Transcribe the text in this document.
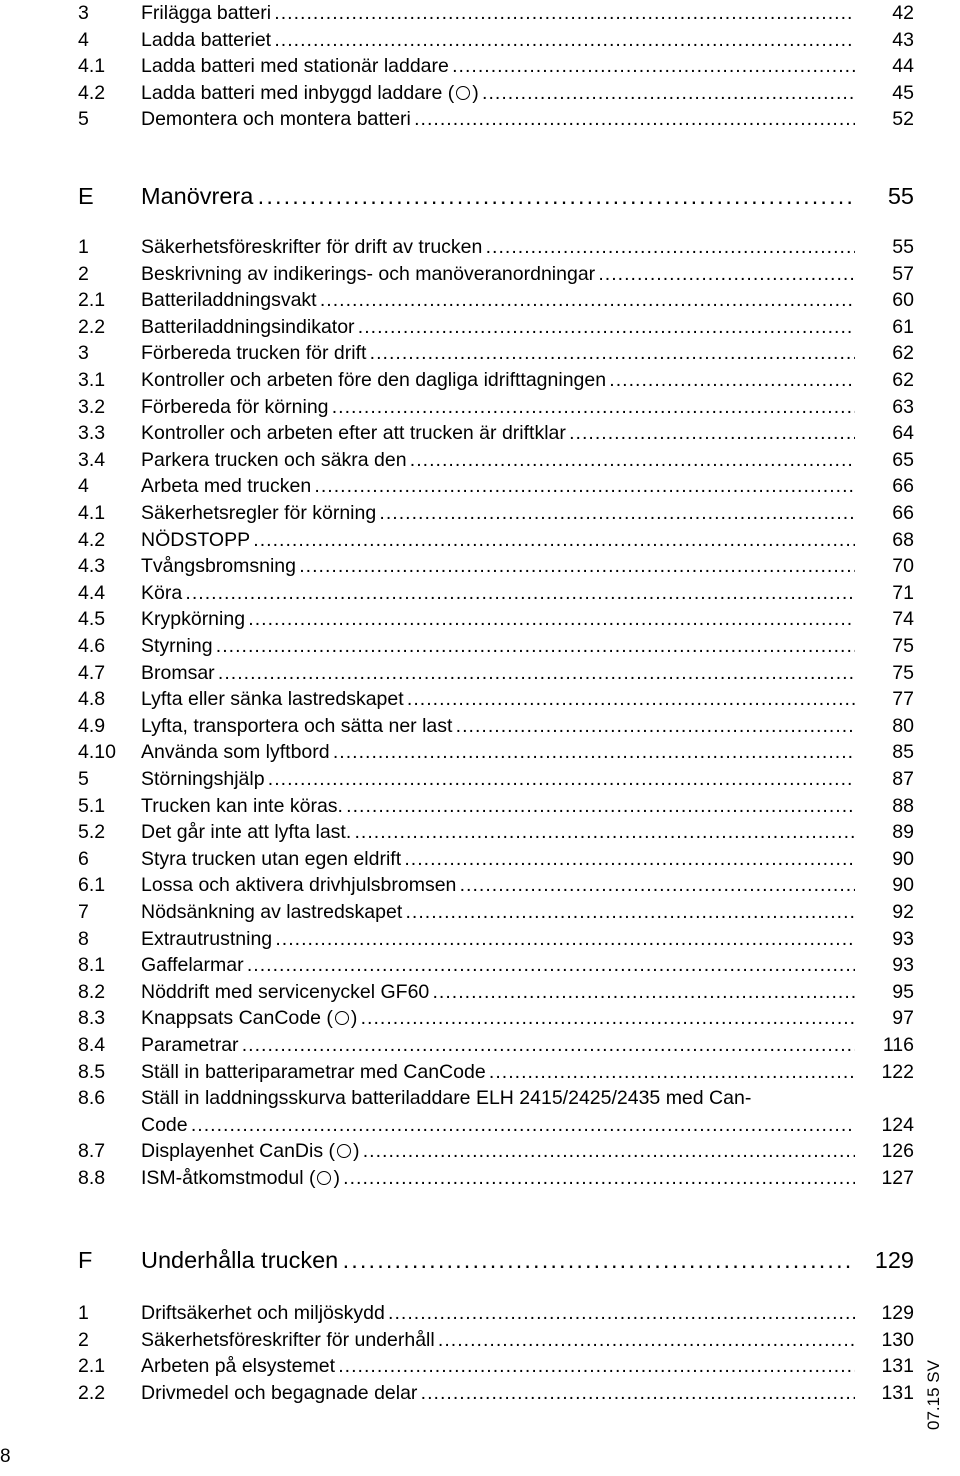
3	Frilägga batteri . . .	42
4	Ladda batteriet . . .	43
4.1 Ladda batteri med stationär laddare . . .	44
4.2 Ladda batteri med inbyggd laddare ( ) . . .	45
5	Demontera och montera batteri . . .	52
E Manövrera . . .	55
1	Säkerhetsföreskrifter för drift av trucken . . .	55
2	Beskrivning av indikerings- och manöveranordningar . . .	57
2.1 Batteriladdningsvakt . . .	60
2.2 Batteriladdningsindikator . . .	61
3	Förbereda trucken för drift . . .	62
3.1 Kontroller och arbeten före den dagliga idrifttagningen . . .	62
3.2 Förbereda för körning . . .	63
3.3 Kontroller och arbeten efter att trucken är driftklar . . .	64
3.4 Parkera trucken och säkra den . . .	65
4	Arbeta med trucken . . .	66
4.1 Säkerhetsregler för körning . . .	66
4.2 NÖDSTOPP . . .	68
4.3 Tvångsbromsning . . .	70
4.4 Köra . . .	71
4.5 Krypkörning . . .	74
4.6 Styrning . . .	75
4.7 Bromsar . . .	75
4.8 Lyfta eller sänka lastredskapet . . .	77
4.9 Lyfta, transportera och sätta ner last . . .	80
4.10 Använda som lyftbord . . .	85
5	Störningshjälp . . .	87
5.1 Trucken kan inte köras. . . .	88
5.2 Det går inte att lyfta last. . . .	89
6	Styra trucken utan egen eldrift . . .	90
6.1 Lossa och aktivera drivhjulsbromsen . . .	90
7	Nödsänkning av lastredskapet . . .	92
8	Extrautrustning . . .	93
8.1 Gaffelarmar . . .	93
8.2 Nöddrift med servicenyckel GF60 . . .	95
8.3 Knappsats CanCode ( ) . . .	97
8.4 Parametrar . . .	116
8.5 Ställ in batteriparametrar med CanCode . . .	122
8.6 Ställ in laddningsskurva batteriladdare ELH 2415/2425/2435 med Can-
Code . . .	124
8.7 Displayenhet CanDis ( ) . . .	126
8.8 ISM-åtkomstmodul ( ) . . .	127
F Underhålla trucken . . .	129
1	Driftsäkerhet och miljöskydd . . .	129
2	Säkerhetsföreskrifter för underhåll . . .	130
2.1 Arbeten på elsystemet . . .	131
2.2 Drivmedel och begagnade delar . . .	131
8
07.15 SV
